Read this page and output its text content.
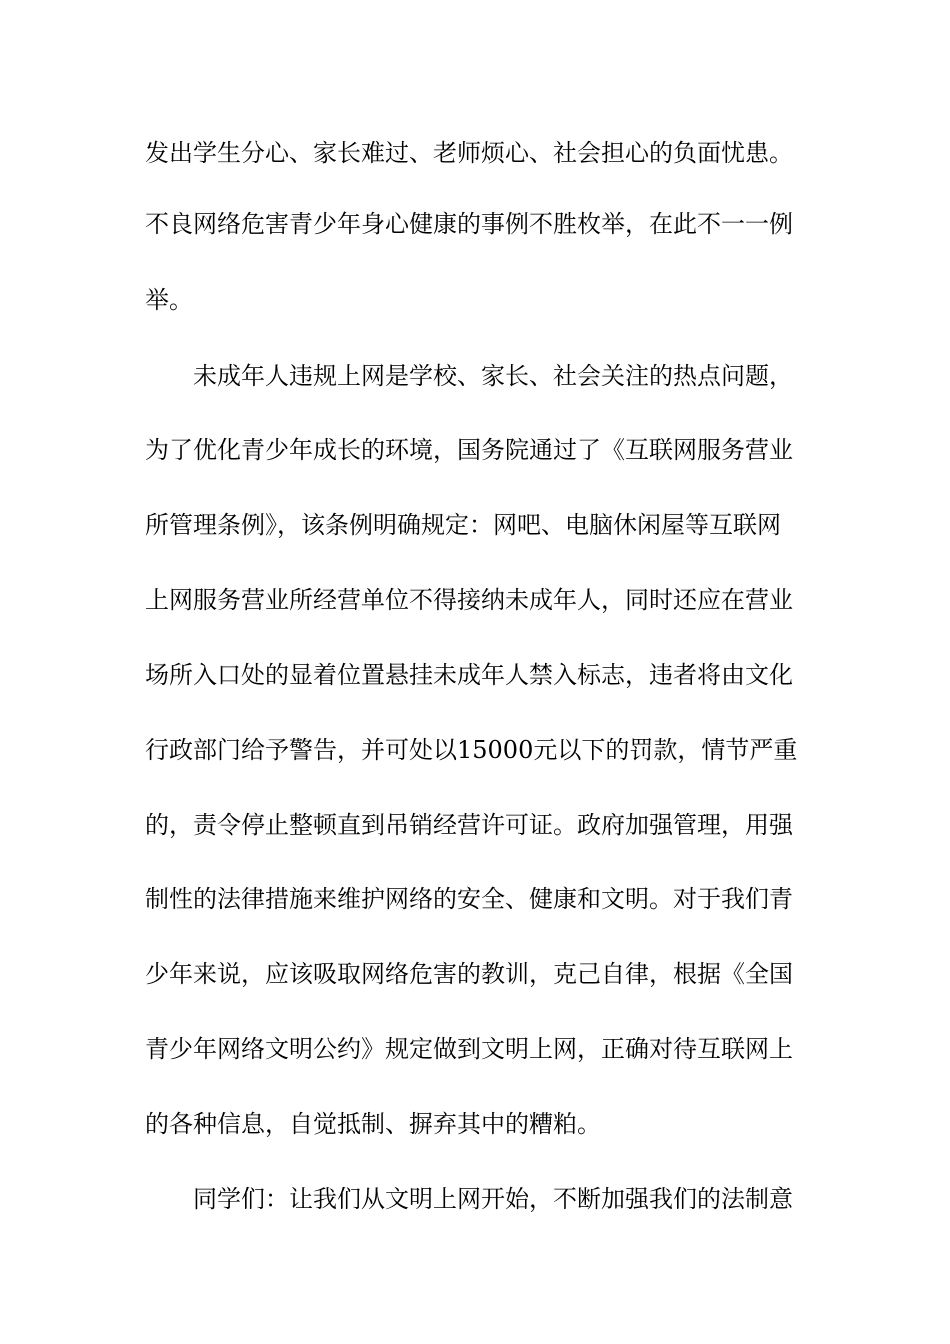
发出学生分心、家长难过、老师烦心、社会担心的负面忧患。
不良网络危害青少年身心健康的事例不胜枚举，在此不一一例
举。
未成年人违规上网是学校、家长、社会关注的热点问题，
为了优化青少年成长的环境，国务院通过了《互联网服务营业
所管理条例》，该条例明确规定：网吧、电脑休闲屋等互联网
上网服务营业所经营单位不得接纳未成年人，同时还应在营业
场所入口处的显着位置悬挂未成年人禁入标志，违者将由文化
行政部门给予警告，并可处以15000元以下的罚款，情节严重
的，责令停止整顿直到吊销经营许可证。政府加强管理，用强
制性的法律措施来维护网络的安全、健康和文明。对于我们青
少年来说，应该吸取网络危害的教训，克己自律，根据《全国
青少年网络文明公约》规定做到文明上网，正确对待互联网上
的各种信息，自觉抵制、摒弃其中的糟粕。
同学们：让我们从文明上网开始，不断加强我们的法制意
